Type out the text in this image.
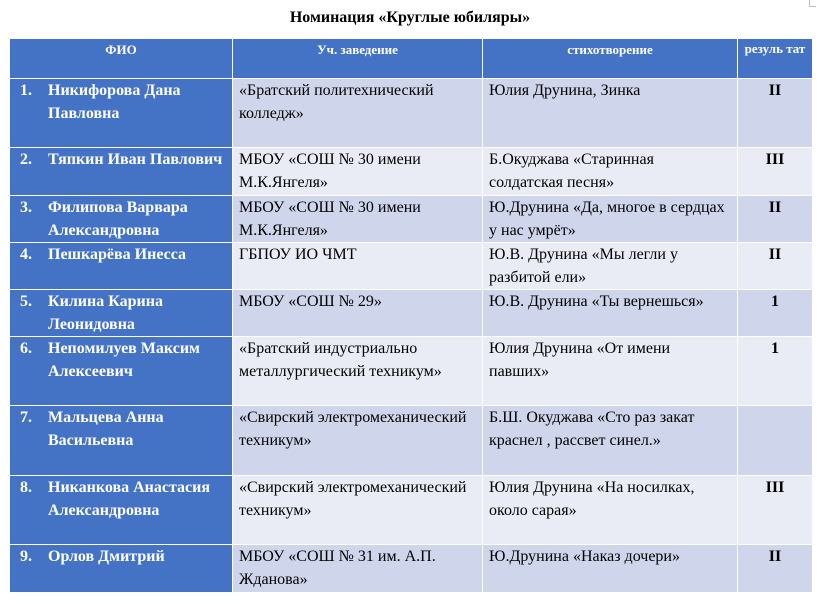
Номинация «Круглые юбиляры»
ФИО	Уч. заведение	стихотворение	резуль тат

1. Никифорова Дана Павловна	«Братский политехнический колледж»	Юлия Друнина, Зинка	II

2. Тяпкин Иван Павлович	МБОУ «СОШ № 30 имени М.К.Янгеля»	Б.Окуджава «Старинная солдатская песня»	III

3. Филипова Варвара Александровна	МБОУ «СОШ № 30 имени М.К.Янгеля»	Ю.Друнина «Да, многое в сердцах у нас умрёт»	II

4. Пешкарёва Инесса	ГБПОУ ИО ЧМТ	Ю.В. Друнина «Мы легли у разбитой ели»	II

5. Килина Карина Леонидовна	МБОУ «СОШ № 29»	Ю.В. Друнина «Ты вернешься»	1

6. Непомилуев Максим Алексеевич	«Братский индустриально металлургический техникум»	Юлия Друнина «От имени павших»	1

7. Мальцева Анна Васильевна	«Свирский электромеханический техникум»	Б.Ш. Окуджава «Сто раз закат краснел , рассвет синел.»	

8. Никанкова Анастасия Александровна	«Свирский электромеханический техникум»	Юлия Друнина «На носилках, около сарая»	III

9. Орлов Дмитрий	МБОУ «СОШ № 31 им. А.П. Жданова»	Ю.Друнина «Наказ дочери»	II
